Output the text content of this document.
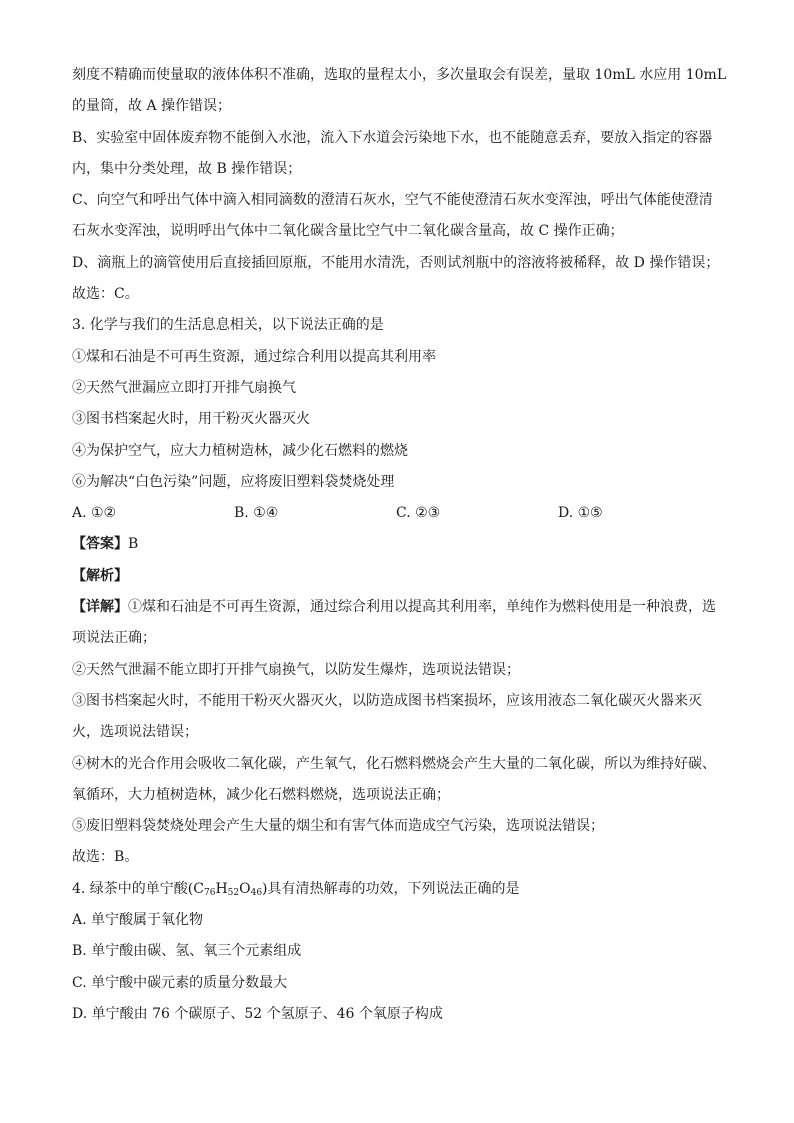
刻度不精确而使量取的液体体积不准确，选取的量程太小，多次量取会有误差，量取 10mL 水应用 10mL
的量筒，故 A 操作错误；
B、实验室中固体废弃物不能倒入水池，流入下水道会污染地下水，也不能随意丢弃，要放入指定的容器
内，集中分类处理，故 B 操作错误；
C、向空气和呼出气体中滴入相同滴数的澄清石灰水，空气不能使澄清石灰水变浑浊，呼出气体能使澄清
石灰水变浑浊，说明呼出气体中二氧化碳含量比空气中二氧化碳含量高，故 C 操作正确；
D、滴瓶上的滴管使用后直接插回原瓶，不能用水清洗，否则试剂瓶中的溶液将被稀释，故 D 操作错误；
故选：C。
3. 化学与我们的生活息息相关，以下说法正确的是
①煤和石油是不可再生资源，通过综合利用以提高其利用率
②天然气泄漏应立即打开排气扇换气
③图书档案起火时，用干粉灭火器灭火
④为保护空气，应大力植树造林，减少化石燃料的燃烧
⑥为解决“白色污染”问题，应将废旧塑料袋焚烧处理
A. ①②	B. ①④	C. ②③	D. ①⑤
【答案】B
【解析】
【详解】①煤和石油是不可再生资源，通过综合利用以提高其利用率，单纯作为燃料使用是一种浪费，选
项说法正确；
②天然气泄漏不能立即打开排气扇换气，以防发生爆炸，选项说法错误；
③图书档案起火时，不能用干粉灭火器灭火，以防造成图书档案损坏，应该用液态二氧化碳灭火器来灭
火，选项说法错误；
④树木的光合作用会吸收二氧化碳，产生氧气，化石燃料燃烧会产生大量的二氧化碳，所以为维持好碳、
氧循环，大力植树造林，减少化石燃料燃烧，选项说法正确；
⑤废旧塑料袋焚烧处理会产生大量的烟尘和有害气体而造成空气污染，选项说法错误；
故选：B。
4. 绿茶中的单宁酸$(C_{76}H_{52}O_{46})$具有清热解毒的功效，下列说法正确的是
A. 单宁酸属于氧化物
B. 单宁酸由碳、氢、氧三个元素组成
C. 单宁酸中碳元素的质量分数最大
D. 单宁酸由 76 个碳原子、52 个氢原子、46 个氧原子构成
